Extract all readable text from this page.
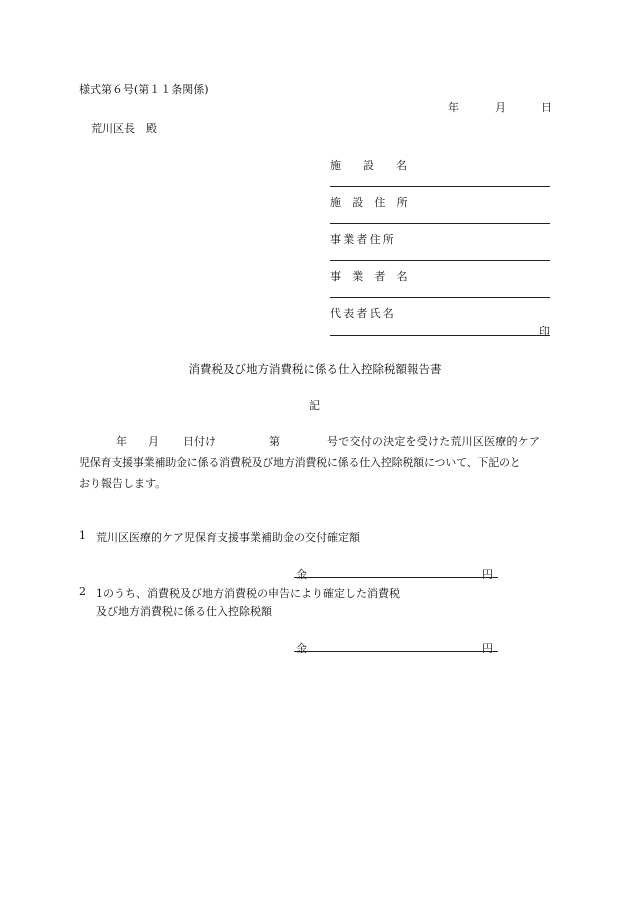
様式第６号(第１１条関係)
年	月	日
荒川区長　殿
施　設　名
施 設 住 所
事業者住所
事 業 者 名
代表者氏名
印
消費税及び地方消費税に係る仕入控除税額報告書
記
年 月 日付け	第	号で交付の決定を受けた荒川区医療的ケア
児保育支援事業補助金に係る消費税及び地方消費税に係る仕入控除税額について、下記のと
おり報告します。
1 荒川区医療的ケア児保育支援事業補助金の交付確定額
金	円
2 1のうち、消費税及び地方消費税の申告により確定した消費税
及び地方消費税に係る仕入控除税額
金	円
